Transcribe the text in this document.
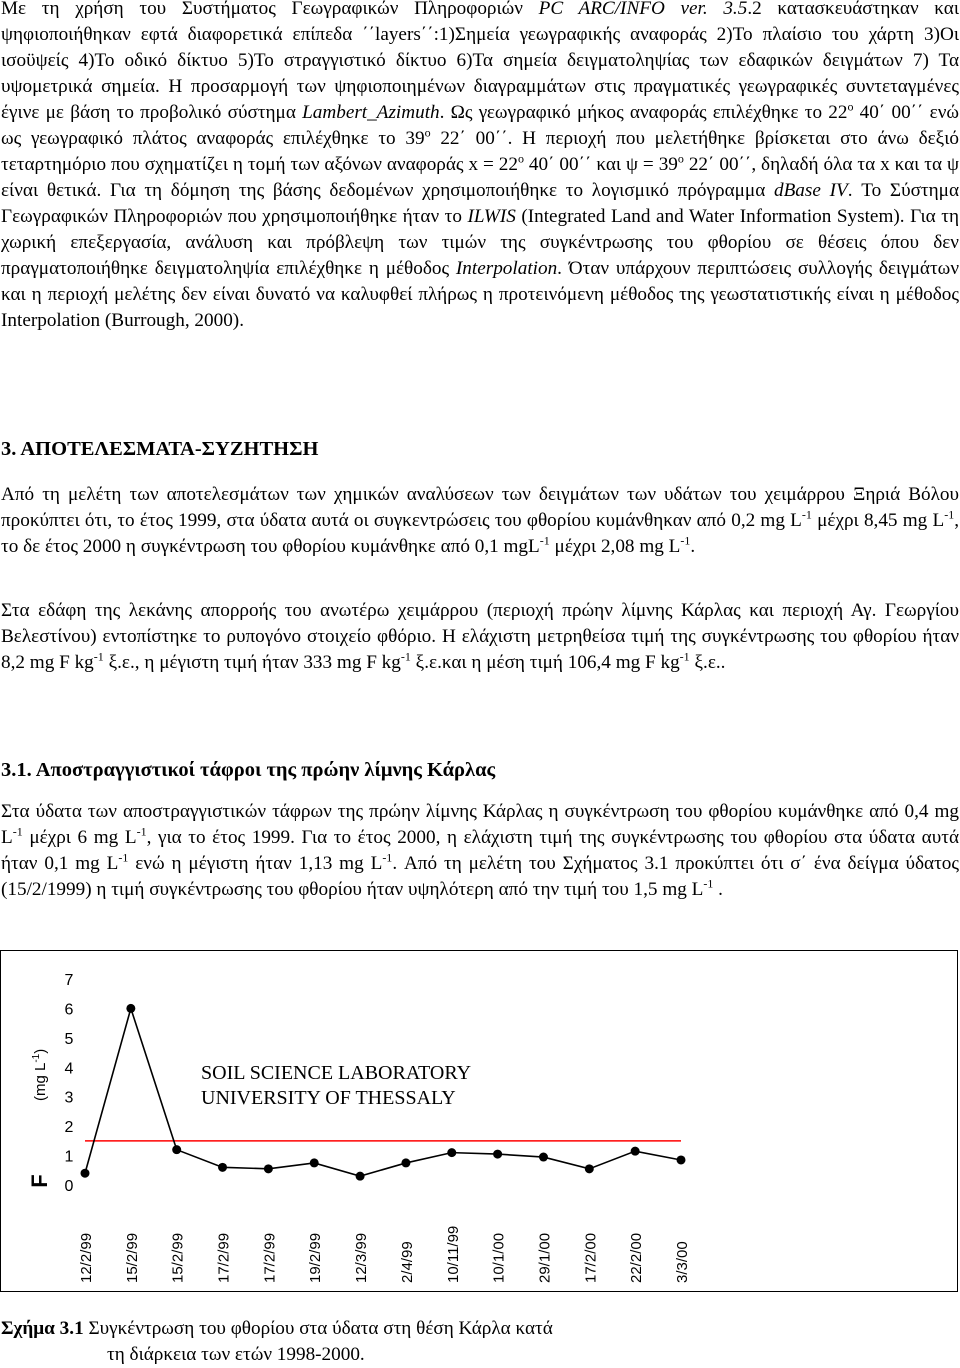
Με τη χρήση του Συστήματος Γεωγραφικών Πληροφοριών PC ARC/INFO ver. 3.5.2 κατασκευάστηκαν και ψηφιοποιήθηκαν εφτά διαφορετικά επίπεδα ΄΄layers΄΄:1)Σημεία γεωγραφικής αναφοράς 2)Το πλαίσιο του χάρτη 3)Οι ισοϋψείς 4)Το οδικό δίκτυο 5)Το στραγγιστικό δίκτυο 6)Τα σημεία δειγματοληψίας των εδαφικών δειγμάτων 7) Τα υψομετρικά σημεία. Η προσαρμογή των ψηφιοποιημένων διαγραμμάτων στις πραγματικές γεωγραφικές συντεταγμένες έγινε με βάση το προβολικό σύστημα Lambert_Azimuth. Ως γεωγραφικό μήκος αναφοράς επιλέχθηκε το $22^o$ 40΄ 00΄΄ ενώ ως γεωγραφικό πλάτος αναφοράς επιλέχθηκε το $39^o$ 22΄ 00΄΄. Η περιοχή που μελετήθηκε βρίσκεται στο άνω δεξιό τεταρτημόριο που σχηματίζει η τομή των αξόνων αναφοράς $x = 22^o$ 40΄ 00΄΄ και $\psi = 39^o$ 22΄ 00΄΄, δηλαδή όλα τα x και τα ψ είναι θετικά. Για τη δόμηση της βάσης δεδομένων χρησιμοποιήθηκε το λογισμικό πρόγραμμα dBase IV. Το Σύστημα Γεωγραφικών Πληροφοριών που χρησιμοποιήθηκε ήταν το ILWIS (Integrated Land and Water Information System). Για τη χωρική επεξεργασία, ανάλυση και πρόβλεψη των τιμών της συγκέντρωσης του φθορίου σε θέσεις όπου δεν πραγματοποιήθηκε δειγματοληψία επιλέχθηκε η μέθοδος Interpolation. Όταν υπάρχουν περιπτώσεις συλλογής δειγμάτων και η περιοχή μελέτης δεν είναι δυνατό να καλυφθεί πλήρως η προτεινόμενη μέθοδος της γεωστατιστικής είναι η μέθοδος Interpolation (Burrough, 2000).

3. ΑΠΟΤΕΛΕΣΜΑΤΑ-ΣΥΖΗΤΗΣΗ

Από τη μελέτη των αποτελεσμάτων των χημικών αναλύσεων των δειγμάτων των υδάτων του χειμάρρου Ξηριά Βόλου προκύπτει ότι, το έτος 1999, στα ύδατα αυτά οι συγκεντρώσεις του φθορίου κυμάνθηκαν από 0,2 mg $L^{-1}$ μέχρι 8,45 mg $L^{-1}$, το δε έτος 2000 η συγκέντρωση του φθορίου κυμάνθηκε από 0,1 mgL$^{-1}$ μέχρι 2,08 mg $L^{-1}$.

Στα εδάφη της λεκάνης απορροής του ανωτέρω χειμάρρου (περιοχή πρώην λίμνης Κάρλας και περιοχή Αγ. Γεωργίου Βελεστίνου) εντοπίστηκε το ρυπογόνο στοιχείο φθόριο. Η ελάχιστη μετρηθείσα τιμή της συγκέντρωσης του φθορίου ήταν 8,2 mg F $kg^{-1}$ ξ.ε., η μέγιστη τιμή ήταν 333 mg F $kg^{-1}$ ξ.ε.και η μέση τιμή 106,4 mg F $kg^{-1}$ ξ.ε..

3.1. Αποστραγγιστικοί τάφροι της πρώην λίμνης Κάρλας

Στα ύδατα των αποστραγγιστικών τάφρων της πρώην λίμνης Κάρλας η συγκέντρωση του φθορίου κυμάνθηκε από 0,4 mg $L^{-1}$ μέχρι 6 mg $L^{-1}$, για το έτος 1999. Για το έτος 2000, η ελάχιστη τιμή της συγκέντρωσης του φθορίου στα ύδατα αυτά ήταν 0,1 mg $L^{-1}$ ενώ η μέγιστη ήταν 1,13 mg $L^{-1}$. Από τη μελέτη του Σχήματος 3.1 προκύπτει ότι σ΄ ένα δείγμα ύδατος (15/2/1999) η τιμή συγκέντρωσης του φθορίου ήταν υψηλότερη από την τιμή του 1,5 mg $L^{-1}$ .

0
1
2
3
4
5
6
7
12/2/99 15/2/99 15/2/99 17/2/99 17/2/99 19/2/99 12/3/99 2/4/99 10/11/99 10/1/00 29/1/00 17/2/00 22/2/00 3/3/00
F
(mg $L^{-1}$)
SOIL SCIENCE LABORATORY
UNIVERSITY OF THESSALY
Σχήμα 3.1 Συγκέντρωση του φθορίου στα ύδατα στη θέση Κάρλα κατά
τη διάρκεια των ετών 1998-2000.
